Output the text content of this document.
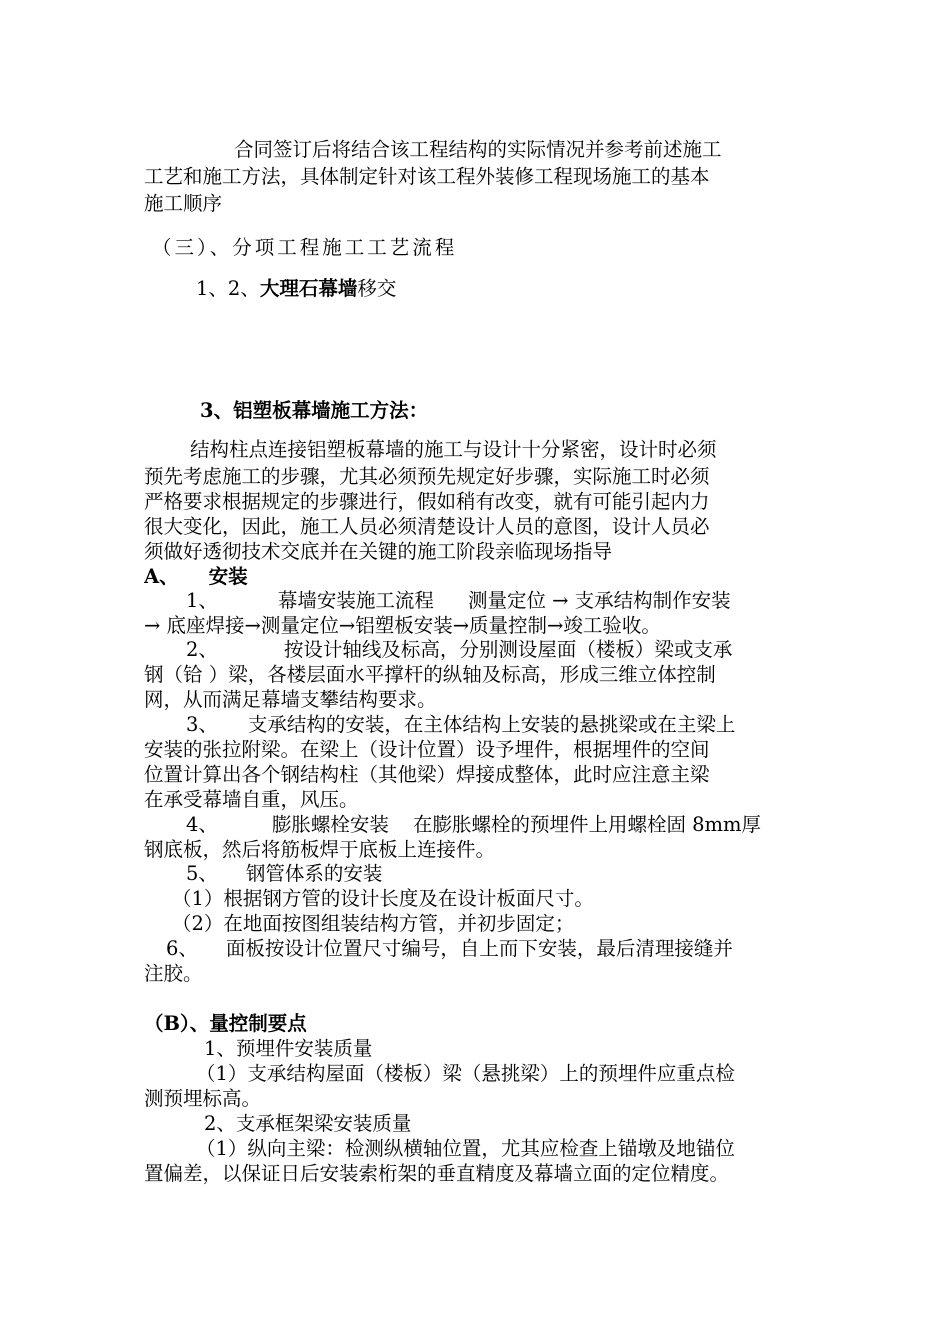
合同签订后将结合该工程结构的实际情况并参考前述施工
工艺和施工方法，具体制定针对该工程外装修工程现场施工的基本
施工顺序
（三）、分项工程施工工艺流程
1、2、大理石幕墙移交
3、铝塑板幕墙施工方法：
结构柱点连接铝塑板幕墙的施工与设计十分紧密，设计时必须
预先考虑施工的步骤，尤其必须预先规定好步骤，实际施工时必须
严格要求根据规定的步骤进行，假如稍有改变，就有可能引起内力
很大变化，因此，施工人员必须清楚设计人员的意图，设计人员必
须做好透彻技术交底并在关键的施工阶段亲临现场指导
A、 安装
1、	幕墙安装施工流程 测量定位 → 支承结构制作安装
→ 底座焊接→测量定位→铝塑板安装→质量控制→竣工验收。
2、	按设计轴线及标高，分别测设屋面（楼板）梁或支承
钢（铪 ）梁，各楼层面水平撑杆的纵轴及标高，形成三维立体控制
网，从而满足幕墙支攀结构要求。
3、 支承结构的安装，在主体结构上安装的悬挑梁或在主梁上
安装的张拉附梁。在梁上（设计位置）设予埋件，根据埋件的空间
位置计算出各个钢结构柱（其他梁）焊接成整体，此时应注意主梁
在承受幕墙自重，风压。
4、	膨胀螺栓安装 在膨胀螺栓的预埋件上用螺栓固 8mm厚
钢底板，然后将筋板焊于底板上连接件。
5、 钢管体系的安装
（1）根据钢方管的设计长度及在设计板面尺寸。
（2）在地面按图组装结构方管，并初步固定；
6、 面板按设计位置尺寸编号，自上而下安装，最后清理接缝并
注胶。
（B）、量控制要点
1、预埋件安装质量
（1）支承结构屋面（楼板）梁（悬挑梁）上的预埋件应重点检
测预埋标高。
2、支承框架梁安装质量
（1）纵向主梁：检测纵横轴位置，尤其应检查上锚墩及地锚位
置偏差，以保证日后安装索桁架的垂直精度及幕墙立面的定位精度。
